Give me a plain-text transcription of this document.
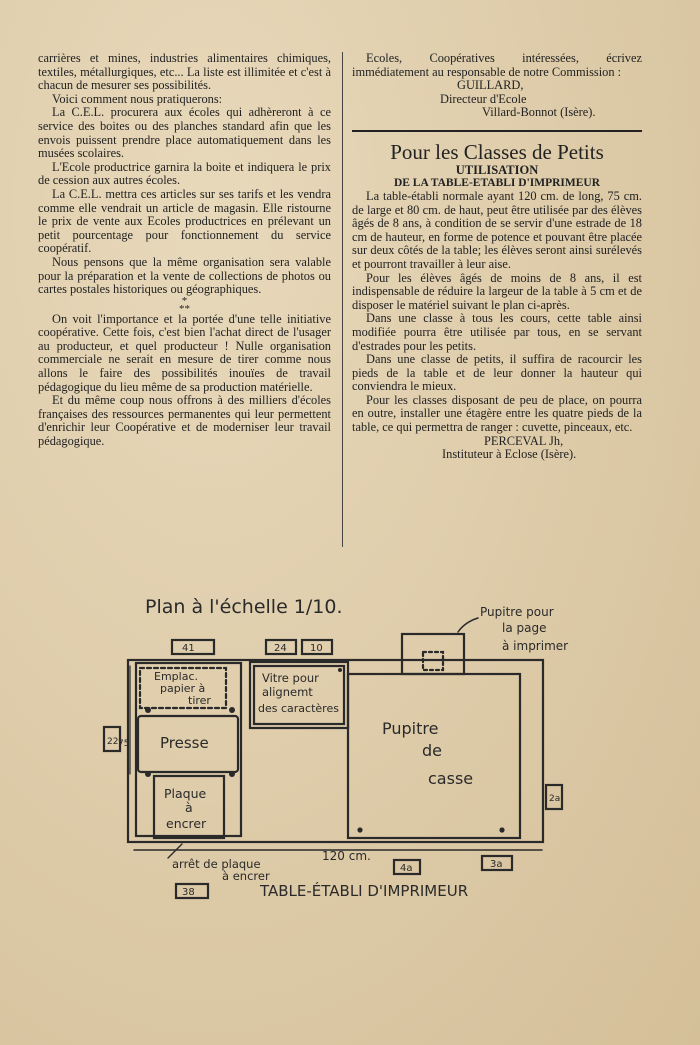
carrières et mines, industries alimentaires chimiques, textiles, métallurgiques, etc... La liste est illimitée et c'est à chacun de mesurer ses possibilités.

Voici comment nous pratiquerons:

La C.E.L. procurera aux écoles qui adhèreront à ce service des boites ou des planches standard afin que les envois puissent prendre place automatiquement dans les musées scolaires.

L'Ecole productrice garnira la boite et indiquera le prix de cession aux autres écoles.

La C.E.L. mettra ces articles sur ses tarifs et les vendra comme elle vendrait un article de magasin. Elle ristourne le prix de vente aux Ecoles productrices en prélevant un petit pourcentage pour fonctionnement du service coopératif.

Nous pensons que la même organisation sera valable pour la préparation et la vente de collections de photos ou cartes postales historiques ou géographiques.

*
**

On voit l'importance et la portée d'une telle initiative coopérative. Cette fois, c'est bien l'achat direct de l'usager au producteur, et quel producteur ! Nulle organisation commerciale ne serait en mesure de tirer comme nous allons le faire des possibilités inouïes de travail pédagogique du lieu même de sa production matérielle.

Et du même coup nous offrons à des milliers d'écoles françaises des ressources permanentes qui leur permettent d'enrichir leur Coopérative et de moderniser leur travail pédagogique.

Ecoles, Coopératives intéressées, écrivez immédiatement au responsable de notre Commission :

GUILLARD,

Directeur d'Ecole

Villard-Bonnot (Isère).

Pour les Classes de Petits

UTILISATION

DE LA TABLE-ETABLI D'IMPRIMEUR

La table-établi normale ayant 120 cm. de long, 75 cm. de large et 80 cm. de haut, peut être utilisée par des élèves âgés de 8 ans, à condition de se servir d'une estrade de 18 cm de hauteur, en forme de potence et pouvant être placée sur deux côtés de la table; les élèves seront ainsi surélevés et pourront travailler à leur aise.

Pour les élèves âgés de moins de 8 ans, il est indispensable de réduire la largeur de la table à 5 cm et de disposer le matériel suivant le plan ci-après.

Dans une classe à tous les cours, cette table ainsi modifiée pourra être utilisée par tous, en se servant d'estrades pour les petits.

Dans une classe de petits, il suffira de racourcir les pieds de la table et de leur donner la hauteur qui conviendra le mieux.

Pour les classes disposant de peu de place, on pourra en outre, installer une étagère entre les quatre pieds de la table, ce qui permettra de ranger : cuvette, pinceaux, etc.

PERCEVAL Jh,

Instituteur à Eclose (Isère).

Plan à l'échelle 1/10.
41	24 10
Pupitre pour
la page
à imprimer
Emplac.
papier à
tirer
Vitre pour
alignemt
des caractères
Presse
Plaque
à
encrer
Pupitre
de
casse
22 75
2a
120 cm.
arrêt de plaque
à encrer
4a	3a
38	TABLE-ÉTABLI D'IMPRIMEUR
